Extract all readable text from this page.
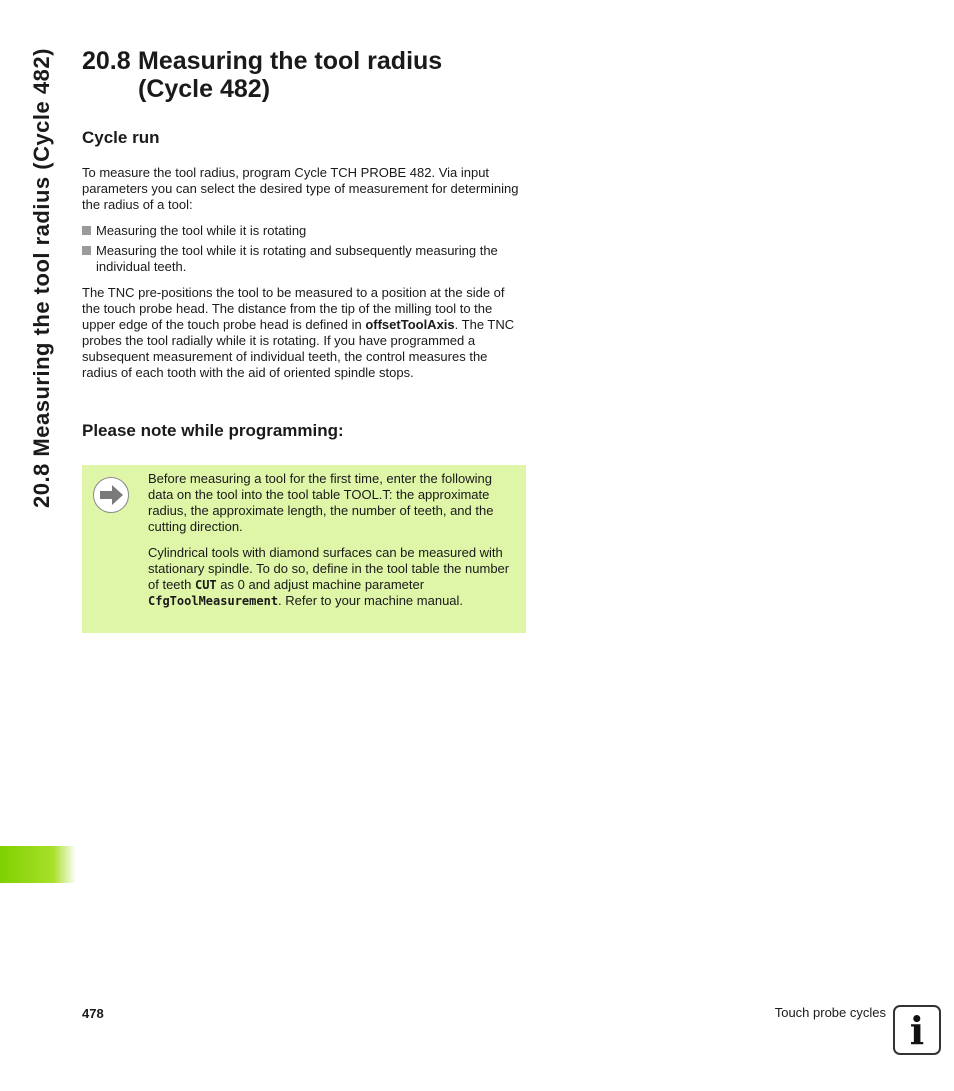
20.8 Measuring the tool radius (Cycle 482)	20.8 Measuring the tool radius
(Cycle 482)
Cycle run
To measure the tool radius, program Cycle TCH PROBE 482. Via input parameters you can select the desired type of measurement for determining the radius of a tool:
Measuring the tool while it is rotating
Measuring the tool while it is rotating and subsequently measuring the individual teeth.
The TNC pre-positions the tool to be measured to a position at the side of the touch probe head. The distance from the tip of the milling tool to the upper edge of the touch probe head is defined in offsetToolAxis. The TNC probes the tool radially while it is rotating. If you have programmed a subsequent measurement of individual teeth, the control measures the radius of each tooth with the aid of oriented spindle stops.
Please note while programming:
Before measuring a tool for the first time, enter the following data on the tool into the tool table TOOL.T: the approximate radius, the approximate length, the number of teeth, and the cutting direction.
Cylindrical tools with diamond surfaces can be measured with stationary spindle. To do so, define in the tool table the number of teeth CUT as 0 and adjust machine parameter CfgToolMeasurement. Refer to your machine manual.
478	Touch probe cycles i
